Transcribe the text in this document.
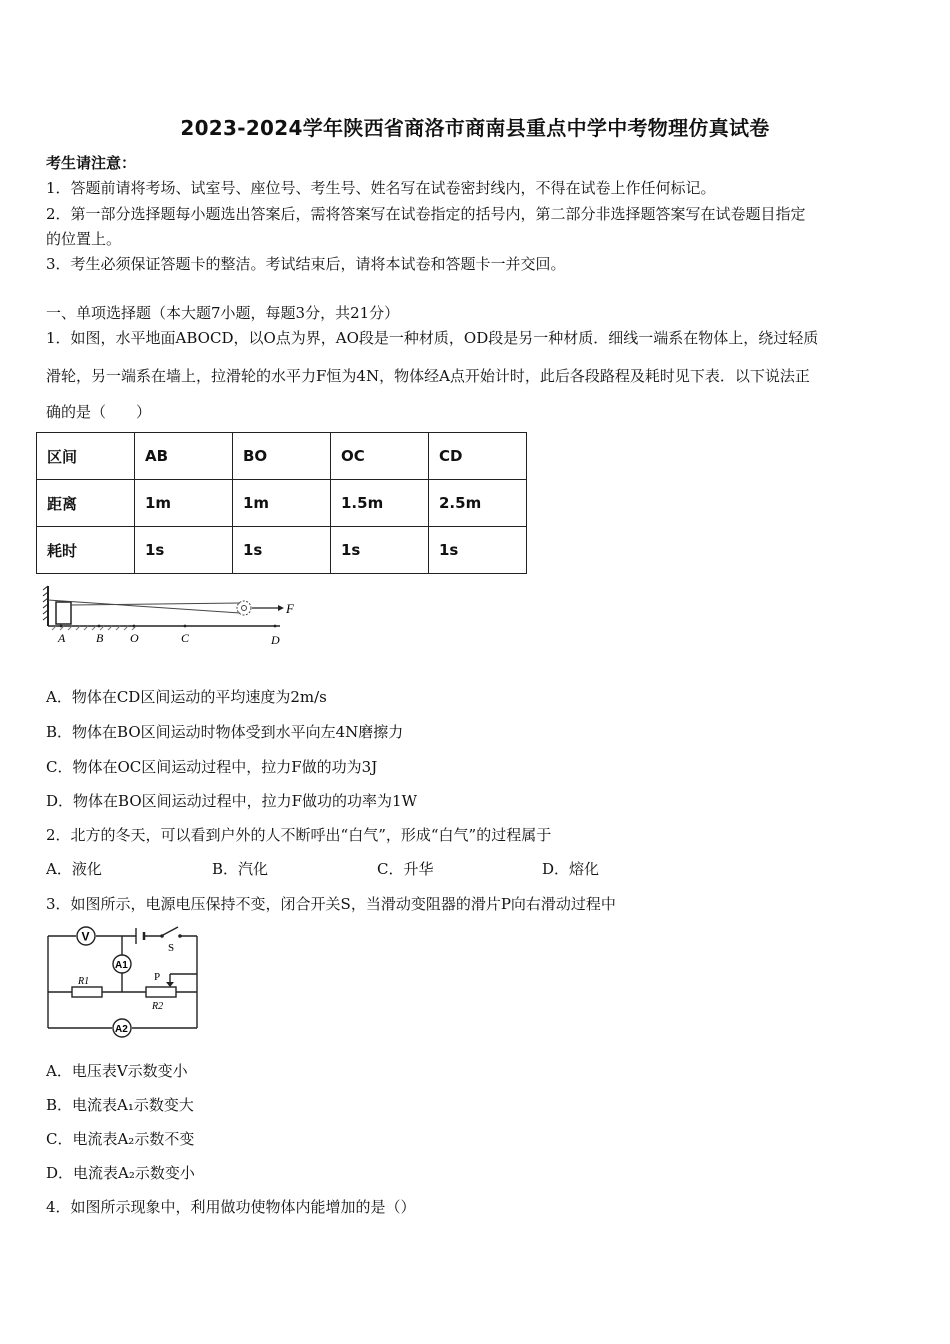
2023-2024学年陕西省商洛市商南县重点中学中考物理仿真试卷
考生请注意：
1．答题前请将考场、试室号、座位号、考生号、姓名写在试卷密封线内，不得在试卷上作任何标记。
2．第一部分选择题每小题选出答案后，需将答案写在试卷指定的括号内，第二部分非选择题答案写在试卷题目指定
的位置上。
3．考生必须保证答题卡的整洁。考试结束后，请将本试卷和答题卡一并交回。
一、单项选择题（本大题7小题，每题3分，共21分）
1．如图，水平地面ABOCD，以O点为界，AO段是一种材质，OD段是另一种材质．细线一端系在物体上，绕过轻质
滑轮，另一端系在墙上，拉滑轮的水平力F恒为4N，物体经A点开始计时，此后各段路程及耗时见下表．以下说法正
确的是（　　）
区间	AB	BO	OC	CD
距离	1m	1m	1.5m	2.5m
耗时	1s	1s	1s	1s
F
A	B O	C	D
A．物体在CD区间运动的平均速度为2m/s
B．物体在BO区间运动时物体受到水平向左4N磨擦力
C．物体在OC区间运动过程中，拉力F做的功为3J
D．物体在BO区间运动过程中，拉力F做功的功率为1W
2．北方的冬天，可以看到户外的人不断呼出“白气”，形成“白气”的过程属于
A．液化	B．汽化	C．升华	D．熔化
3．如图所示，电源电压保持不变，闭合开关S，当滑动变阻器的滑片P向右滑动过程中
V
S
A1
R1
R2
P
A2
A．电压表V示数变小
B．电流表A₁示数变大
C．电流表A₂示数不变
D．电流表A₂示数变小
4．如图所示现象中，利用做功使物体内能增加的是（）
